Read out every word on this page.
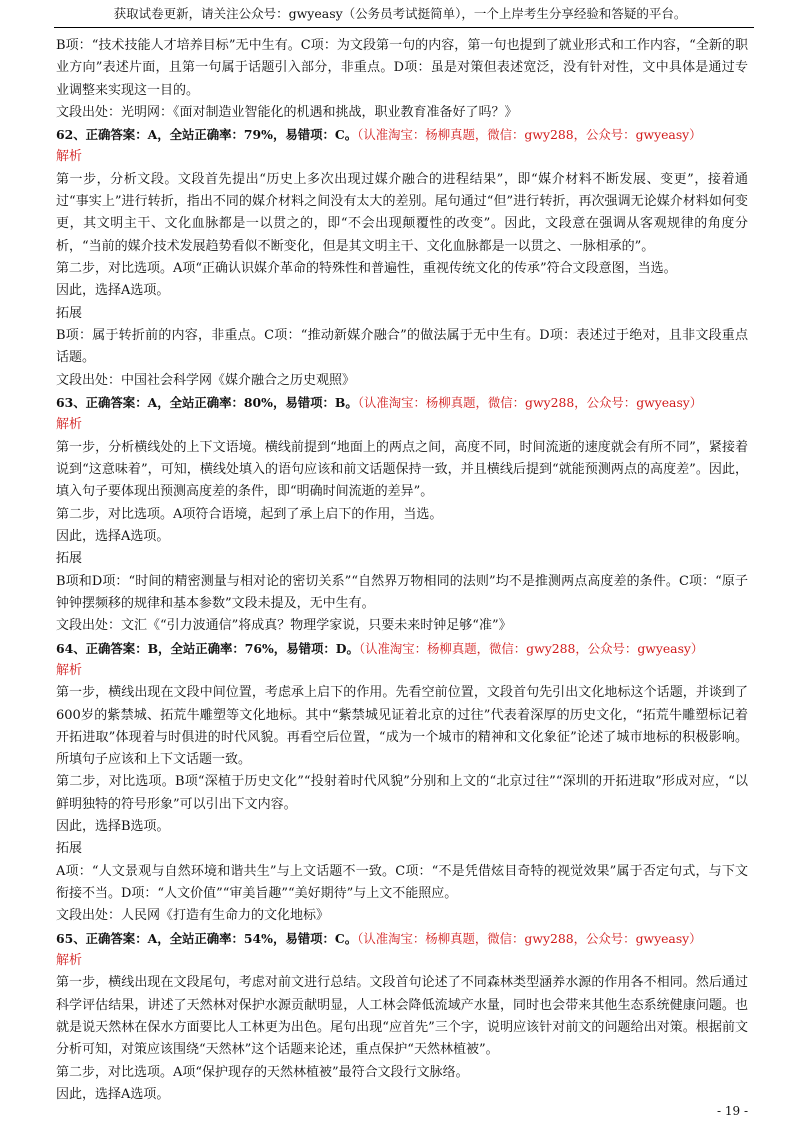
获取试卷更新，请关注公众号：gwyeasy（公务员考试挺简单），一个上岸考生分享经验和答疑的平台。

B项：“技术技能人才培养目标”无中生有。C项：为文段第一句的内容，第一句也提到了就业形式和工作内容，“全新的职业方向”表述片面，且第一句属于话题引入部分，非重点。D项：虽是对策但表述宽泛，没有针对性，文中具体是通过专业调整来实现这一目的。

文段出处：光明网：《面对制造业智能化的机遇和挑战，职业教育准备好了吗？》

62、正确答案：A，全站正确率：79%，易错项：C。（认准淘宝：杨柳真题，微信：gwy288，公众号：gwyeasy）

解析

第一步，分析文段。文段首先提出“历史上多次出现过媒介融合的进程结果”，即“媒介材料不断发展、变更”，接着通过“事实上”进行转折，指出不同的媒介材料之间没有太大的差别。尾句通过“但”进行转折，再次强调无论媒介材料如何变更，其文明主干、文化血脉都是一以贯之的，即“不会出现颠覆性的改变”。因此，文段意在强调从客观规律的角度分析，“当前的媒介技术发展趋势看似不断变化，但是其文明主干、文化血脉都是一以贯之、一脉相承的”。

第二步，对比选项。A项“正确认识媒介革命的特殊性和普遍性，重视传统文化的传承”符合文段意图，当选。

因此，选择A选项。

拓展

B项：属于转折前的内容，非重点。C项：“推动新媒介融合”的做法属于无中生有。D项：表述过于绝对，且非文段重点话题。

文段出处：中国社会科学网《媒介融合之历史观照》

63、正确答案：A，全站正确率：80%，易错项：B。（认准淘宝：杨柳真题，微信：gwy288，公众号：gwyeasy）

解析

第一步，分析横线处的上下文语境。横线前提到“地面上的两点之间，高度不同，时间流逝的速度就会有所不同”，紧接着说到“这意味着”，可知，横线处填入的语句应该和前文话题保持一致，并且横线后提到“就能预测两点的高度差”。因此，填入句子要体现出预测高度差的条件，即“明确时间流逝的差异”。

第二步，对比选项。A项符合语境，起到了承上启下的作用，当选。

因此，选择A选项。

拓展

B项和D项：“时间的精密测量与相对论的密切关系”“自然界万物相同的法则”均不是推测两点高度差的条件。C项：“原子钟钟摆频移的规律和基本参数”文段未提及，无中生有。

文段出处：文汇《“引力波通信”将成真？物理学家说，只要未来时钟足够“准”》

64、正确答案：B，全站正确率：76%，易错项：D。（认准淘宝：杨柳真题，微信：gwy288，公众号：gwyeasy）

解析

第一步，横线出现在文段中间位置，考虑承上启下的作用。先看空前位置，文段首句先引出文化地标这个话题，并谈到了600岁的紫禁城、拓荒牛雕塑等文化地标。其中“紫禁城见证着北京的过往”代表着深厚的历史文化，“拓荒牛雕塑标记着开拓进取”体现着与时俱进的时代风貌。再看空后位置，“成为一个城市的精神和文化象征”论述了城市地标的积极影响。所填句子应该和上下文话题一致。

第二步，对比选项。B项“深植于历史文化”“投射着时代风貌”分别和上文的“北京过往”“深圳的开拓进取”形成对应，“以鲜明独特的符号形象”可以引出下文内容。

因此，选择B选项。

拓展

A项：“人文景观与自然环境和谐共生”与上文话题不一致。C项：“不是凭借炫目奇特的视觉效果”属于否定句式，与下文衔接不当。D项：“人文价值”“审美旨趣”“美好期待”与上文不能照应。

文段出处：人民网《打造有生命力的文化地标》

65、正确答案：A，全站正确率：54%，易错项：C。（认准淘宝：杨柳真题，微信：gwy288，公众号：gwyeasy）

解析

第一步，横线出现在文段尾句，考虑对前文进行总结。文段首句论述了不同森林类型涵养水源的作用各不相同。然后通过科学评估结果，讲述了天然林对保护水源贡献明显，人工林会降低流域产水量，同时也会带来其他生态系统健康问题。也就是说天然林在保水方面要比人工林更为出色。尾句出现“应首先”三个字，说明应该针对前文的问题给出对策。根据前文分析可知，对策应该围绕“天然林”这个话题来论述，重点保护“天然林植被”。

第二步，对比选项。A项“保护现存的天然林植被”最符合文段行文脉络。

因此，选择A选项。

- 19 -
